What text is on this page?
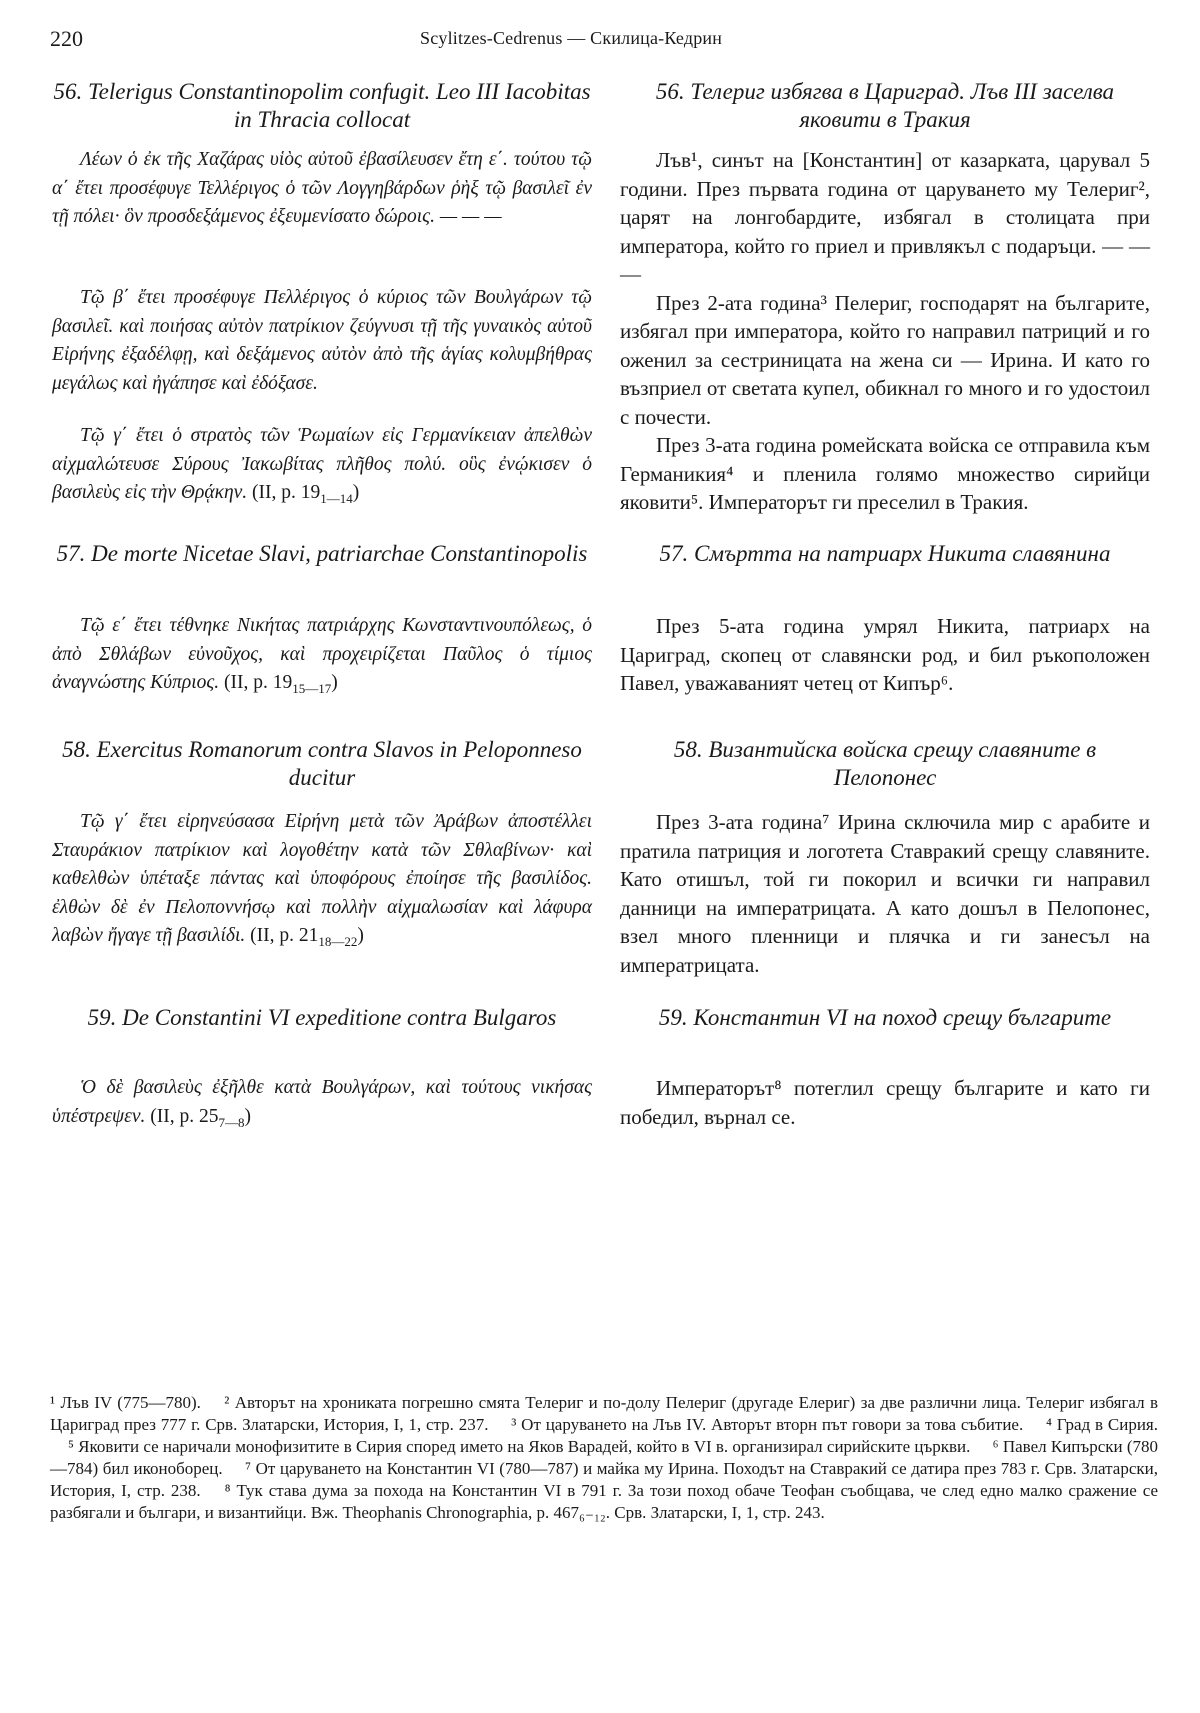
220	Scylitzes-Cedrenus — Скилица-Кедрин
56. Telerigus Constantinopolim confugit. Leo III Iacobitas in Thracia collocat
Λέων ὁ ἐκ τῆς Χαζάρας υἱὸς αὐτοῦ ἐβασίλευσεν ἔτη ε΄. τούτου τῷ α΄ ἔτει προσέφυγε Τελλέριγος ὁ τῶν Λογγηβάρδων ῥὴξ τῷ βασιλεῖ ἐν τῇ πόλει· ὃν προσδεξάμενος ἐξευμενίσατο δώροις. — — —
Τῷ β΄ ἔτει προσέφυγε Πελλέριγος ὁ κύριος τῶν Βουλγάρων τῷ βασιλεῖ. καὶ ποιήσας αὐτὸν πατρίκιον ζεύγνυσι τῇ τῆς γυναικὸς αὐτοῦ Εἰρήνης ἐξαδέλφῃ, καὶ δεξάμενος αὐτὸν ἀπὸ τῆς ἁγίας κολυμβήθρας μεγάλως καὶ ἠγάπησε καὶ ἐδόξασε.
Τῷ γ΄ ἔτει ὁ στρατὸς τῶν Ῥωμαίων εἰς Γερμανίκειαν ἀπελθὼν αἰχμαλώτευσε Σύρους Ἰακωβίτας πλῆθος πολύ. οὓς ἐνῴκισεν ὁ βασιλεὺς εἰς τὴν Θρᾴκην. (II, p. $19_{1—14}$)
57. De morte Nicetae Slavi, patriarchae Constantinopolis
Τῷ ε΄ ἔτει τέθνηκε Νικήτας πατριάρχης Κωνσταντινουπόλεως, ὁ ἀπὸ Σθλάβων εὐνοῦχος, καὶ προχειρίζεται Παῦλος ὁ τίμιος ἀναγνώστης Κύπριος. (II, p. $19_{15—17}$)
58. Exercitus Romanorum contra Slavos in Peloponneso ducitur
Τῷ γ΄ ἔτει εἰρηνεύσασα Εἰρήνη μετὰ τῶν Ἀράβων ἀποστέλλει Σταυράκιον πατρίκιον καὶ λογοθέτην κατὰ τῶν Σθλαβίνων· καὶ καθελθὼν ὑπέταξε πάντας καὶ ὑποφόρους ἐποίησε τῆς βασιλίδος. ἐλθὼν δὲ ἐν Πελοποννήσῳ καὶ πολλὴν αἰχμαλωσίαν καὶ λάφυρα λαβὼν ἤγαγε τῇ βασιλίδι. (II, p. $21_{18—22}$)
59. De Constantini VI expeditione contra Bulgaros
Ὁ δὲ βασιλεὺς ἐξῆλθε κατὰ Βουλγάρων, καὶ τούτους νικήσας ὑπέστρεψεν. (II, p. $25_{7—8}$)
56. Телериг избягва в Цариград. Лъв III заселва яковити в Тракия

Лъв¹, синът на [Константин] от казарката, царувал 5 години. През първата година от царуването му Телериг², царят на лонгобардите, избягал в столицата при императора, който го приел и привлякъл с подаръци. — — —

През 2-ата година³ Пелериг, господарят на българите, избягал при императора, който го направил патриций и го оженил за сестриницата на жена си — Ирина. И като го възприел от светата купел, обикнал го много и го удостоил с почести.

През 3-ата година ромейската войска се отправила към Германикия⁴ и пленила голямо множество сирийци яковити⁵. Императорът ги преселил в Тракия.

57. Смъртта на патриарх Никита славянина

През 5-ата година умрял Никита, патриарх на Цариград, скопец от славянски род, и бил ръкоположен Павел, уважаваният четец от Кипър⁶.

58. Византийска войска срещу славяните в Пелопонес

През 3-ата година⁷ Ирина сключила мир с арабите и пратила патриция и логотета Ставракий срещу славяните. Като отишъл, той ги покорил и всички ги направил данници на императрицата. А като дошъл в Пелопонес, взел много пленници и плячка и ги занесъл на императрицата.

59. Константин VI на поход срещу българите

Императорът⁸ потеглил срещу българите и като ги победил, върнал се.

¹ Лъв IV (775—780). ² Авторът на хрониката погрешно смята Телериг и по-долу Пелериг (другаде Елериг) за две различни лица. Телериг избягал в Цариград през 777 г. Срв. Златарски, История, I, 1, стр. 237. ³ От царуването на Лъв IV. Авторът вторн път говори за това събитие. ⁴ Град в Сирия. ⁵ Яковити се наричали монофизитите в Сирия според името на Яков Варадей, който в VI в. организирал сирийските църкви. ⁶ Павел Кипърски (780—784) бил иконоборец. ⁷ От царуването на Константин VI (780—787) и майка му Ирина. Походът на Ставракий се датира през 783 г. Срв. Златарски, История, I, стр. 238. ⁸ Тук става дума за похода на Константин VI в 791 г. За този поход обаче Теофан съобщава, че след едно малко сражение се разбягали и българи, и византийци. Вж. Theophanis Chronographia, p. 467₆₋₁₂. Срв. Златарски, I, 1, стр. 243.
